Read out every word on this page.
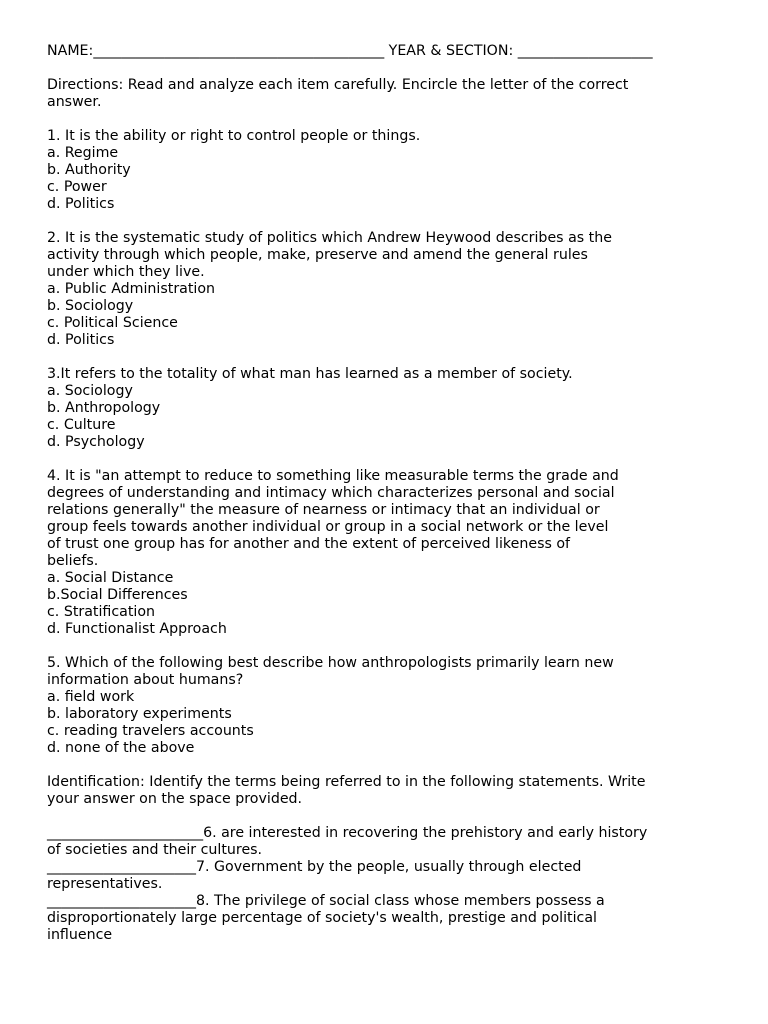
NAME:_________________________________________ YEAR & SECTION: ___________________
Directions: Read and analyze each item carefully. Encircle the letter of the correct
answer.
1. It is the ability or right to control people or things.
a. Regime
b. Authority
c. Power
d. Politics
2. It is the systematic study of politics which Andrew Heywood describes as the
activity through which people, make, preserve and amend the general rules
under which they live.
a. Public Administration
b. Sociology
c. Political Science
d. Politics
3.It refers to the totality of what man has learned as a member of society.
a. Sociology
b. Anthropology
c. Culture
d. Psychology
4. It is "an attempt to reduce to something like measurable terms the grade and
degrees of understanding and intimacy which characterizes personal and social
relations generally" the measure of nearness or intimacy that an individual or
group feels towards another individual or group in a social network or the level
of trust one group has for another and the extent of perceived likeness of
beliefs.
a. Social Distance
b.Social Differences
c. Stratification
d. Functionalist Approach
5. Which of the following best describe how anthropologists primarily learn new
information about humans?
a. field work
b. laboratory experiments
c. reading travelers accounts
d. none of the above
Identification: Identify the terms being referred to in the following statements. Write
your answer on the space provided.
______________________6. are interested in recovering the prehistory and early history
of societies and their cultures.
_____________________7. Government by the people, usually through elected
representatives.
_____________________8. The privilege of social class whose members possess a
disproportionately large percentage of society's wealth, prestige and political
influence
